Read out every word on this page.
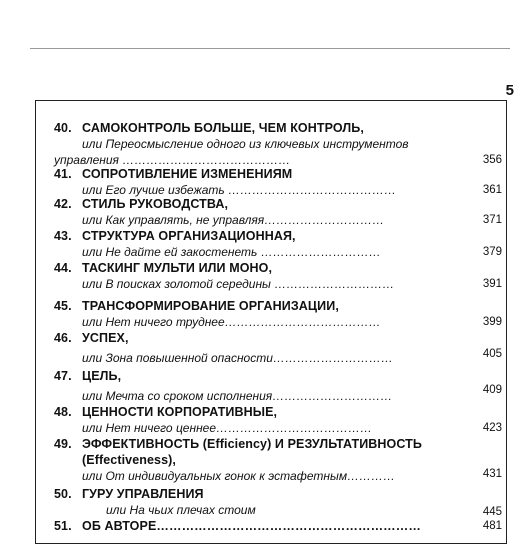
5
40. САМОКОНТРОЛЬ БОЛЬШЕ, ЧЕМ КОНТРОЛЬ,
или Переосмысление одного из ключевых инструментов
управления ……………………………………	356
41. СОПРОТИВЛЕНИЕ ИЗМЕНЕНИЯМ
или Его лучше избежать ……………………………………	361
42. СТИЛЬ РУКОВОДСТВА,
или Как управлять, не управляя…………………………	371
43. СТРУКТУРА ОРГАНИЗАЦИОННАЯ,
или Не дайте ей закостенеть …………………………	379
44. ТАСКИНГ МУЛЬТИ ИЛИ МОНО,
или В поисках золотой середины …………………………	391
45. ТРАНСФОРМИРОВАНИЕ ОРГАНИЗАЦИИ,
или Нет ничего труднее…………………………………	399
46. УСПЕХ,
или Зона повышенной опасности…………………………	405
47. ЦЕЛЬ,
или Мечта со сроком исполнения…………………………	409
48. ЦЕННОСТИ КОРПОРАТИВНЫЕ,
или Нет ничего ценнее…………………………………	423
49. ЭФФЕКТИВНОСТЬ (Efficiency) И РЕЗУЛЬТАТИВНОСТЬ
(Effectiveness),
или От индивидуальных гонок к эстафетным…………	431
50. ГУРУ УПРАВЛЕНИЯ
или На чьих плечах стоим	445
51. ОБ АВТОРЕ………………………………………………………	481
